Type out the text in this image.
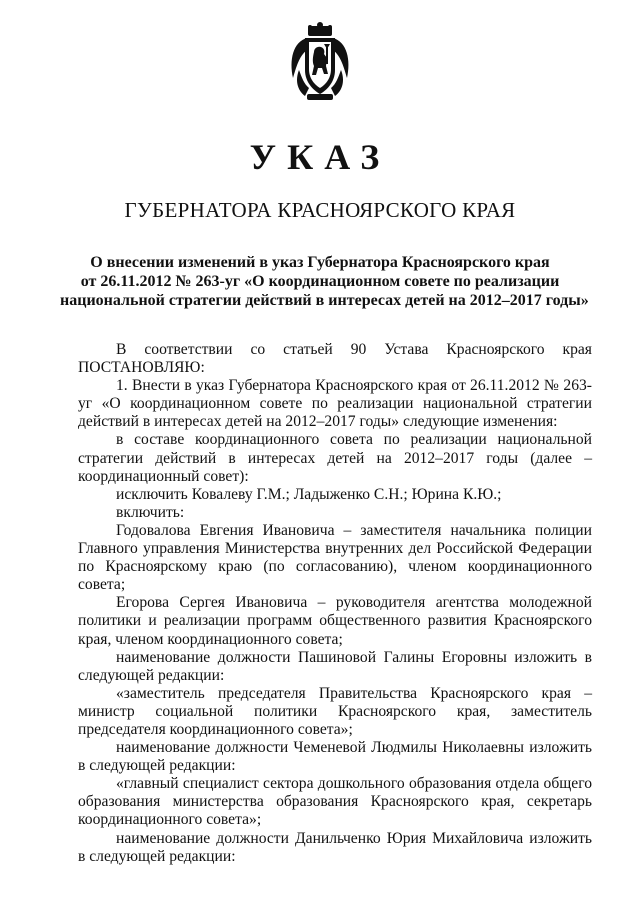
УКАЗ
ГУБЕРНАТОРА КРАСНОЯРСКОГО КРАЯ
О внесении изменений в указ Губернатора Красноярского края
от 26.11.2012 № 263-уг «О координационном совете по реализации
национальной стратегии действий в интересах детей на 2012–2017 годы»

В соответствии со статьей 90 Устава Красноярского края

ПОСТАНОВЛЯЮ:

1. Внести в указ Губернатора Красноярского края от 26.11.2012 № 263-уг «О координационном совете по реализации национальной стратегии действий в интересах детей на 2012–2017 годы» следующие изменения:

в составе координационного совета по реализации национальной стратегии действий в интересах детей на 2012–2017 годы (далее – координационный совет):

исключить Ковалеву Г.М.; Ладыженко С.Н.; Юрина К.Ю.;

включить:

Годовалова Евгения Ивановича – заместителя начальника полиции Главного управления Министерства внутренних дел Российской Федерации по Красноярскому краю (по согласованию), членом координационного совета;

Егорова Сергея Ивановича – руководителя агентства молодежной политики и реализации программ общественного развития Красноярского края, членом координационного совета;

наименование должности Пашиновой Галины Егоровны изложить в следующей редакции:

«заместитель председателя Правительства Красноярского края – министр социальной политики Красноярского края, заместитель председателя координационного совета»;

наименование должности Чеменевой Людмилы Николаевны изложить в следующей редакции:

«главный специалист сектора дошкольного образования отдела общего образования министерства образования Красноярского края, секретарь координационного совета»;

наименование должности Данильченко Юрия Михайловича изложить в следующей редакции:
